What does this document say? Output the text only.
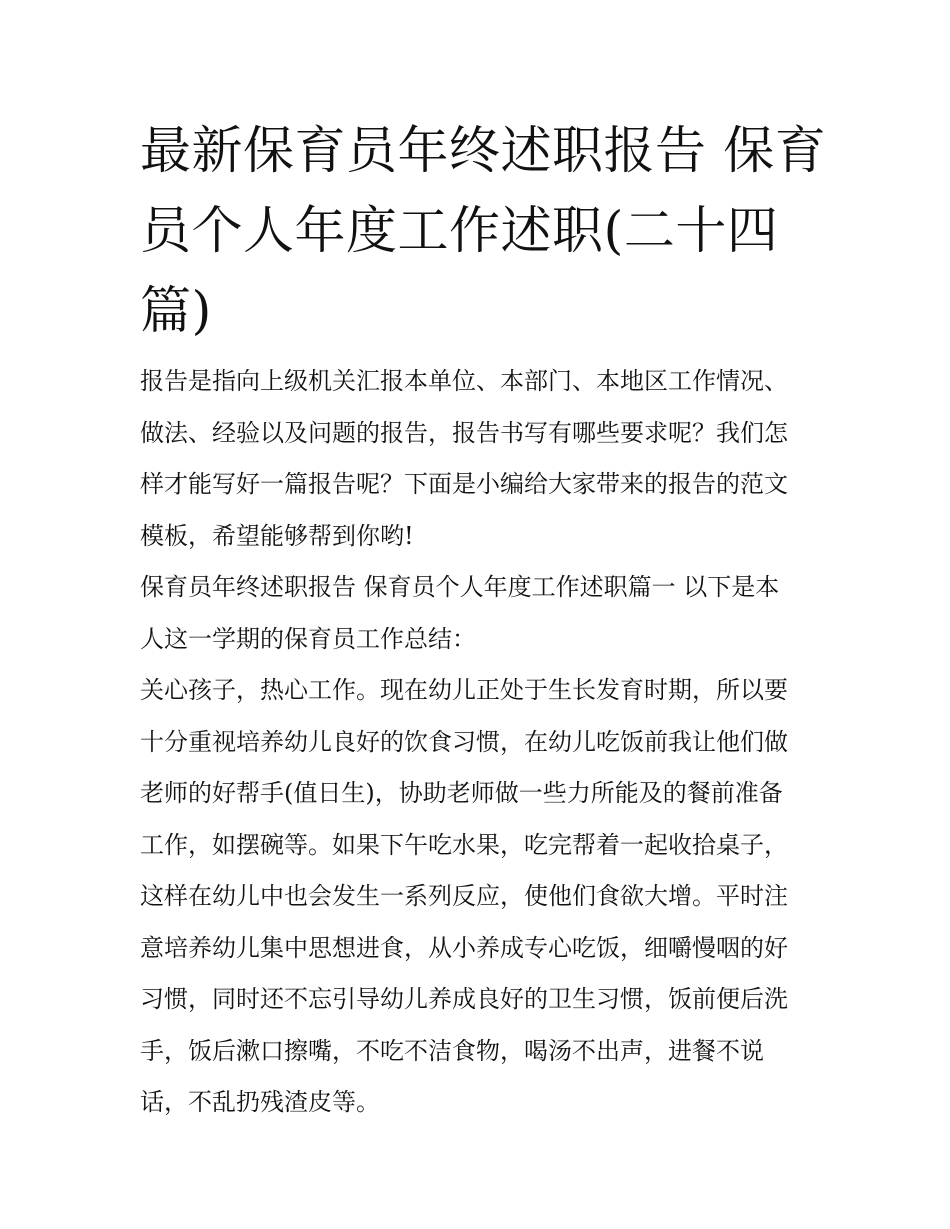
最新保育员年终述职报告 保育
员个人年度工作述职(二十四
篇)
报告是指向上级机关汇报本单位、本部门、本地区工作情况、
做法、经验以及问题的报告，报告书写有哪些要求呢？我们怎
样才能写好一篇报告呢？下面是小编给大家带来的报告的范文
模板，希望能够帮到你哟!
保育员年终述职报告 保育员个人年度工作述职篇一 以下是本
人这一学期的保育员工作总结：
关心孩子，热心工作。现在幼儿正处于生长发育时期，所以要
十分重视培养幼儿良好的饮食习惯，在幼儿吃饭前我让他们做
老师的好帮手(值日生)，协助老师做一些力所能及的餐前准备
工作，如摆碗等。如果下午吃水果，吃完帮着一起收拾桌子，
这样在幼儿中也会发生一系列反应，使他们食欲大增。平时注
意培养幼儿集中思想进食，从小养成专心吃饭，细嚼慢咽的好
习惯，同时还不忘引导幼儿养成良好的卫生习惯，饭前便后洗
手，饭后漱口擦嘴，不吃不洁食物，喝汤不出声，进餐不说
话，不乱扔残渣皮等。
